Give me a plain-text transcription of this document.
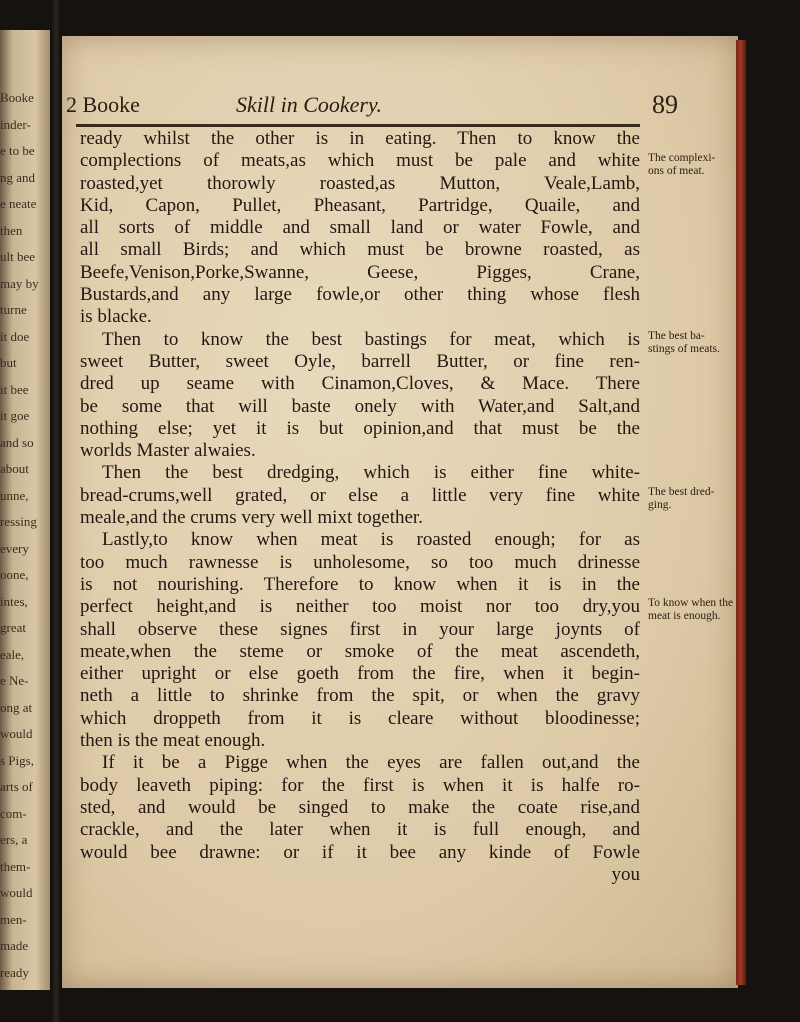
Booke
inder-
e to be
ng and
e neate
then
ult bee
may by
turne
it doe
but
it bee
it goe
and so
about
unne,
ressing
every
oone,
intes,
great
eale,
e Ne-
ong at
would
s Pigs,
arts of
com-
ers, a
them-
would
men-
made
ready
2 Booke	Skill in Cookery.	89
ready whilst the other is in eating. Then to know the
complections of meats,as which must be pale and white
roasted,yet thorowly roasted,as Mutton, Veale,Lamb,
Kid, Capon, Pullet, Pheasant, Partridge, Quaile, and
all sorts of middle and small land or water Fowle, and
all small Birds; and which must be browne roasted, as
Beefe,Venison,Porke,Swanne, Geese, Pigges, Crane,
Bustards,and any large fowle,or other thing whose flesh
is blacke.
Then to know the best bastings for meat, which is
sweet Butter, sweet Oyle, barrell Butter, or fine ren-
dred up seame with Cinamon,Cloves, & Mace. There
be some that will baste onely with Water,and Salt,and
nothing else; yet it is but opinion,and that must be the
worlds Master alwaies.
Then the best dredging, which is either fine white-
bread-crums,well grated, or else a little very fine white
meale,and the crums very well mixt together.
Lastly,to know when meat is roasted enough; for as
too much rawnesse is unholesome, so too much drinesse
is not nourishing. Therefore to know when it is in the
perfect height,and is neither too moist nor too dry,you
shall observe these signes first in your large joynts of
meate,when the steme or smoke of the meat ascendeth,
either upright or else goeth from the fire, when it begin-
neth a little to shrinke from the spit, or when the gravy
which droppeth from it is cleare without bloodinesse;
then is the meat enough.
If it be a Pigge when the eyes are fallen out,and the
body leaveth piping: for the first is when it is halfe ro-
sted, and would be singed to make the coate rise,and
crackle, and the later when it is full enough, and
would bee drawne: or if it bee any kinde of Fowle
you
The complexi- ons of meat.
The best ba- stings of meats.
The best dred- ging.
To know when the meat is enough.
